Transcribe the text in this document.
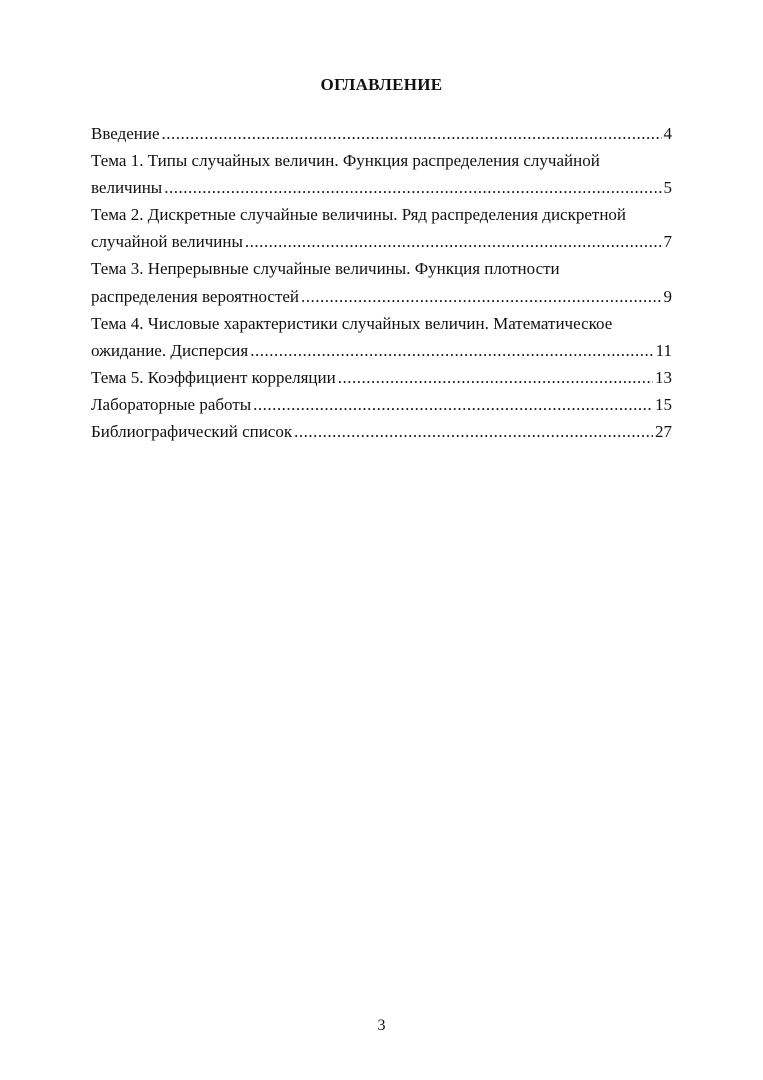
ОГЛАВЛЕНИЕ
Введение .....	4
Тема 1. Типы случайных величин. Функция распределения случайной
величины .....	5
Тема 2. Дискретные случайные величины. Ряд распределения дискретной
случайной величины .....	7
Тема 3. Непрерывные случайные величины. Функция плотности
распределения вероятностей .....	9
Тема 4. Числовые характеристики случайных величин. Математическое
ожидание. Дисперсия .....	11
Тема 5. Коэффициент корреляции .....	13
Лабораторные работы .....	15
Библиографический список .....	27
3
